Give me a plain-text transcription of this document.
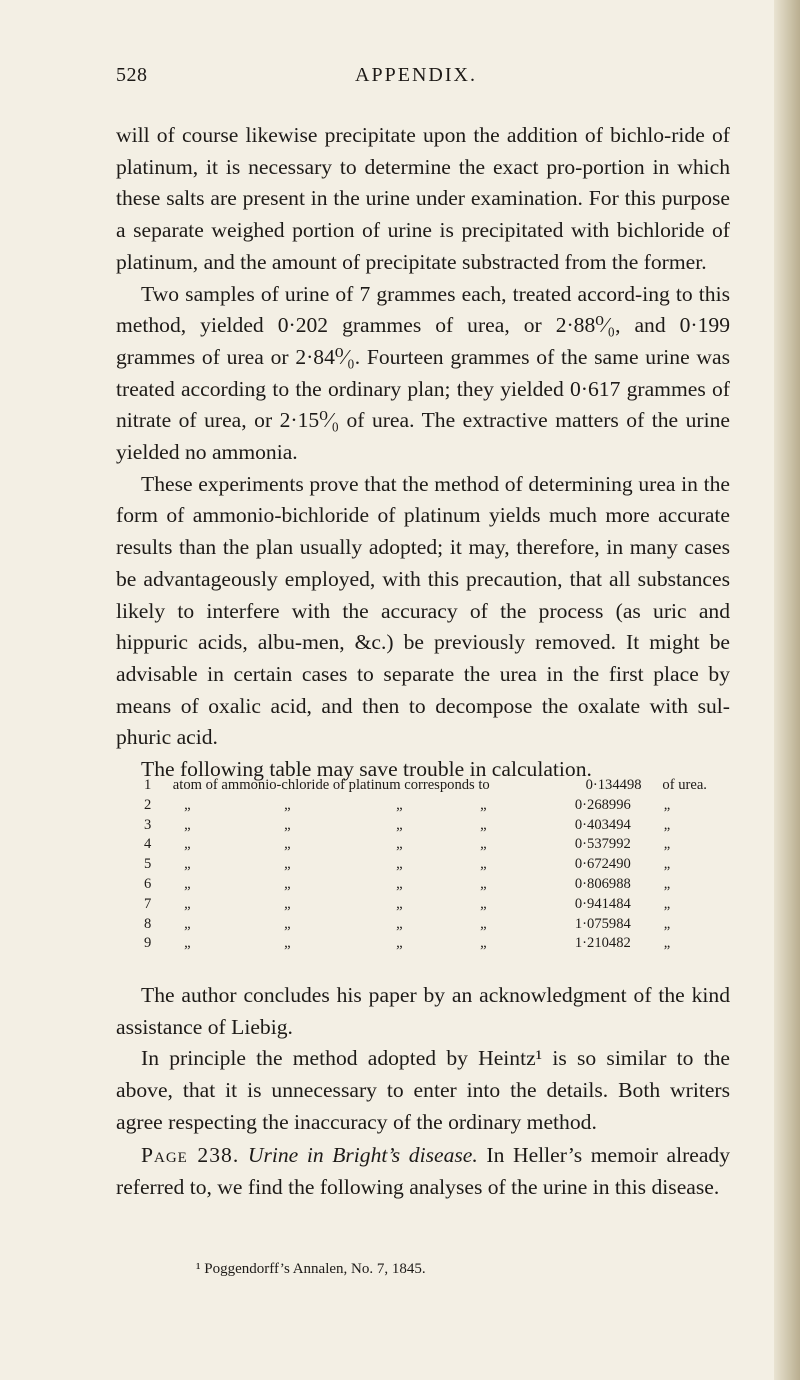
528	APPENDIX.

will of course likewise precipitate upon the addition of bichlo-ride of platinum, it is necessary to determine the exact pro-portion in which these salts are present in the urine under examination. For this purpose a separate weighed portion of urine is precipitated with bichloride of platinum, and the amount of precipitate substracted from the former.

Two samples of urine of 7 grammes each, treated accord-ing to this method, yielded 0·202 grammes of urea, or 2·88⁰⁄₀, and 0·199 grammes of urea or 2·84⁰⁄₀. Fourteen grammes of the same urine was treated according to the ordinary plan; they yielded 0·617 grammes of nitrate of urea, or 2·15⁰⁄₀ of urea. The extractive matters of the urine yielded no ammonia.

These experiments prove that the method of determining urea in the form of ammonio-bichloride of platinum yields much more accurate results than the plan usually adopted; it may, therefore, in many cases be advantageously employed, with this precaution, that all substances likely to interfere with the accuracy of the process (as uric and hippuric acids, albu-men, &c.) be previously removed. It might be advisable in certain cases to separate the urea in the first place by means of oxalic acid, and then to decompose the oxalate with sul-phuric acid.

The following table may save trouble in calculation.

1	atom of ammonio-chloride of platinum corresponds to	0·134498	of urea.
2	„	„	„	„	0·268996	„
3	„	„	„	„	0·403494	„
4	„	„	„	„	0·537992	„
5	„	„	„	„	0·672490	„
6	„	„	„	„	0·806988	„
7	„	„	„	„	0·941484	„
8	„	„	„	„	1·075984	„
9	„	„	„	„	1·210482	„

The author concludes his paper by an acknowledgment of the kind assistance of Liebig.

In principle the method adopted by Heintz¹ is so similar to the above, that it is unnecessary to enter into the details. Both writers agree respecting the inaccuracy of the ordinary method.

Page 238. Urine in Bright’s disease. In Heller’s memoir already referred to, we find the following analyses of the urine in this disease.

¹ Poggendorff’s Annalen, No. 7, 1845.
